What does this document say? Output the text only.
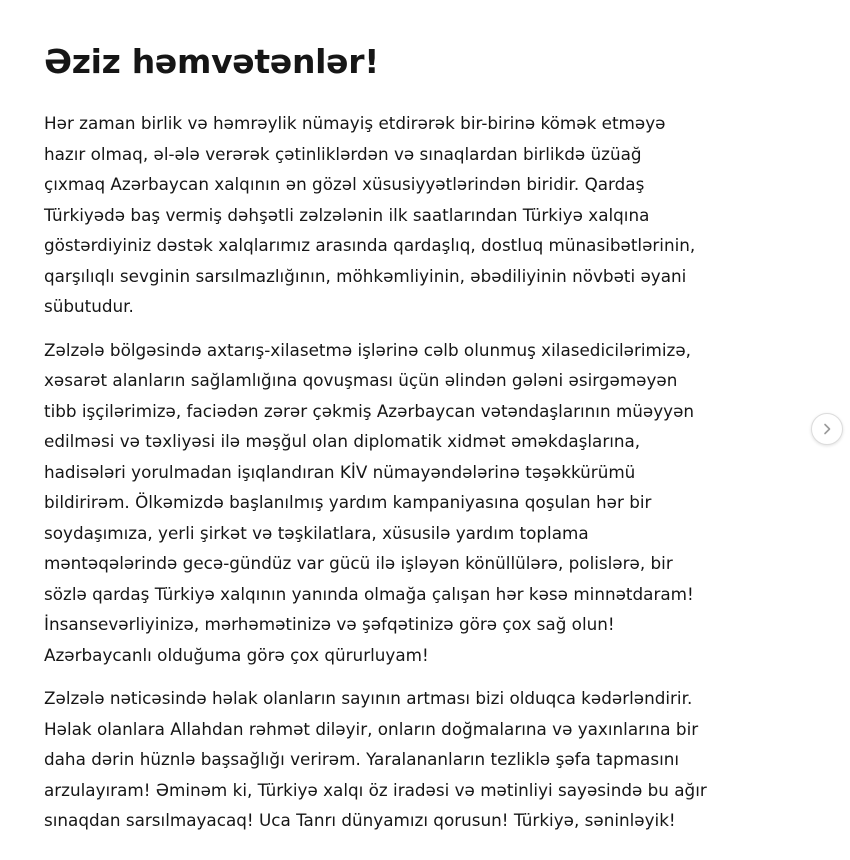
Əziz həmvətənlər!

Hər zaman birlik və həmrəylik nümayiş etdirərək bir-birinə kömək etməyə
hazır olmaq, əl-ələ verərək çətinliklərdən və sınaqlardan birlikdə üzüağ
çıxmaq Azərbaycan xalqının ən gözəl xüsusiyyətlərindən biridir. Qardaş
Türkiyədə baş vermiş dəhşətli zəlzələnin ilk saatlarından Türkiyə xalqına
göstərdiyiniz dəstək xalqlarımız arasında qardaşlıq, dostluq münasibətlərinin,
qarşılıqlı sevginin sarsılmazlığının, möhkəmliyinin, əbədiliyinin növbəti əyani
sübutudur.

Zəlzələ bölgəsində axtarış-xilasetmə işlərinə cəlb olunmuş xilasedicilərimizə,
xəsarət alanların sağlamlığına qovuşması üçün əlindən gələni əsirgəməyən
tibb işçilərimizə, faciədən zərər çəkmiş Azərbaycan vətəndaşlarının müəyyən
edilməsi və təxliyəsi ilə məşğul olan diplomatik xidmət əməkdaşlarına,
hadisələri yorulmadan işıqlandıran KİV nümayəndələrinə təşəkkürümü
bildirirəm. Ölkəmizdə başlanılmış yardım kampaniyasına qoşulan hər bir
soydaşımıza, yerli şirkət və təşkilatlara, xüsusilə yardım toplama
məntəqələrində gecə-gündüz var gücü ilə işləyən könüllülərə, polislərə, bir
sözlə qardaş Türkiyə xalqının yanında olmağa çalışan hər kəsə minnətdaram!
İnsansevərliyinizə, mərhəmətinizə və şəfqətinizə görə çox sağ olun!
Azərbaycanlı olduğuma görə çox qürurluyam!

Zəlzələ nəticəsində həlak olanların sayının artması bizi olduqca kədərləndirir.
Həlak olanlara Allahdan rəhmət diləyir, onların doğmalarına və yaxınlarına bir
daha dərin hüznlə başsağlığı verirəm. Yaralananların tezliklə şəfa tapmasını
arzulayıram! Əminəm ki, Türkiyə xalqı öz iradəsi və mətinliyi sayəsində bu ağır
sınaqdan sarsılmayacaq! Uca Tanrı dünyamızı qorusun! Türkiyə, səninləyik!
